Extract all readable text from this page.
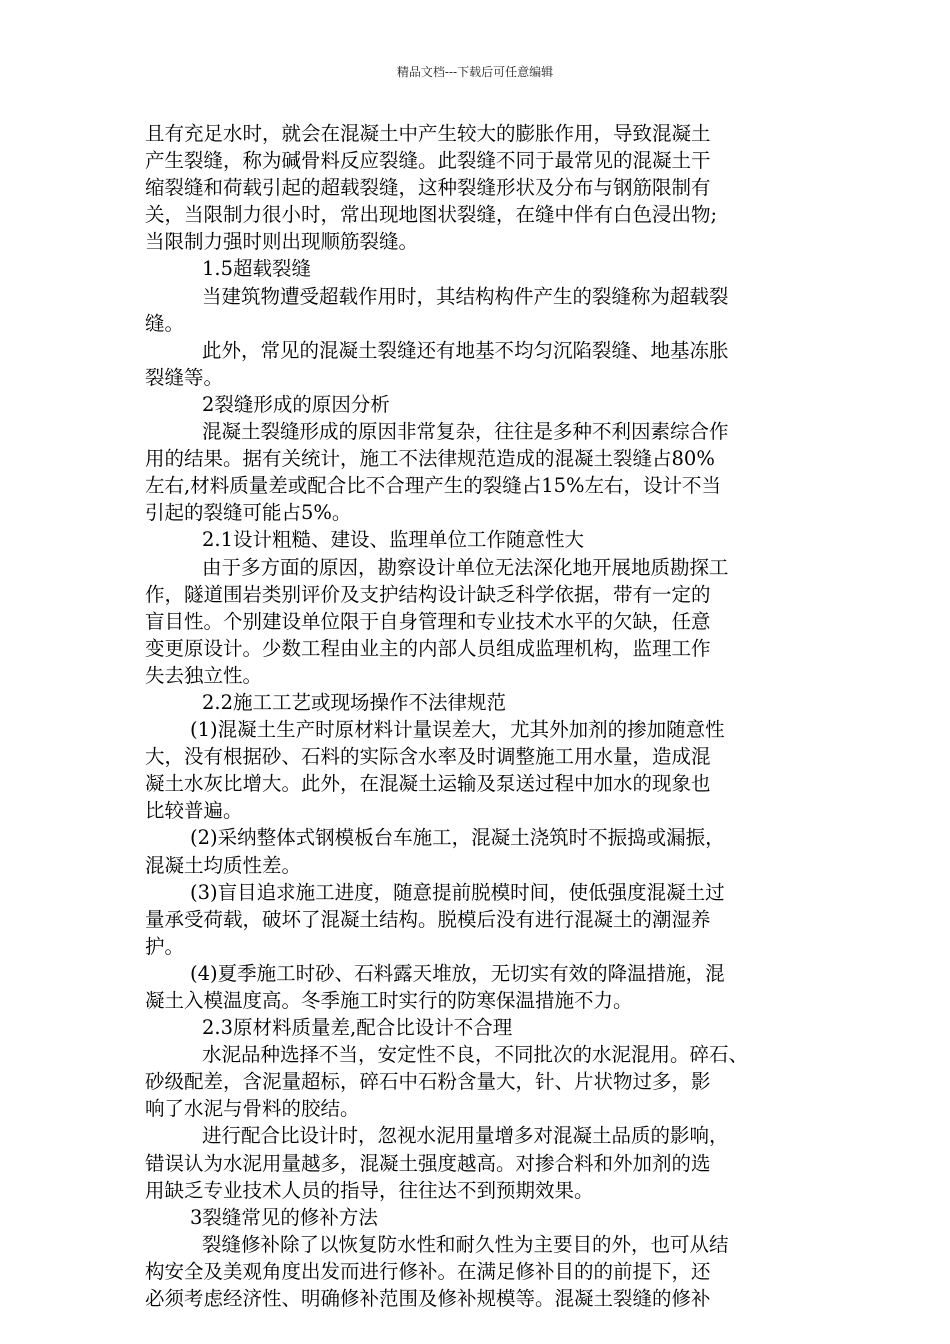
精品文档---下载后可任意编辑
且有充足水时，就会在混凝土中产生较大的膨胀作用，导致混凝土
产生裂缝，称为碱骨料反应裂缝。此裂缝不同于最常见的混凝土干
缩裂缝和荷载引起的超载裂缝，这种裂缝形状及分布与钢筋限制有
关，当限制力很小时，常出现地图状裂缝，在缝中伴有白色浸出物;
当限制力强时则出现顺筋裂缝。
1.5超载裂缝
当建筑物遭受超载作用时，其结构构件产生的裂缝称为超载裂
缝。
此外，常见的混凝土裂缝还有地基不均匀沉陷裂缝、地基冻胀
裂缝等。
2裂缝形成的原因分析
混凝土裂缝形成的原因非常复杂，往往是多种不利因素综合作
用的结果。据有关统计，施工不法律规范造成的混凝土裂缝占80%
左右,材料质量差或配合比不合理产生的裂缝占15%左右，设计不当
引起的裂缝可能占5%。
2.1设计粗糙、建设、监理单位工作随意性大
由于多方面的原因，勘察设计单位无法深化地开展地质勘探工
作，隧道围岩类别评价及支护结构设计缺乏科学依据，带有一定的
盲目性。个别建设单位限于自身管理和专业技术水平的欠缺，任意
变更原设计。少数工程由业主的内部人员组成监理机构，监理工作
失去独立性。
2.2施工工艺或现场操作不法律规范
(1)混凝土生产时原材料计量误差大，尤其外加剂的掺加随意性
大，没有根据砂、石料的实际含水率及时调整施工用水量，造成混
凝土水灰比增大。此外，在混凝土运输及泵送过程中加水的现象也
比较普遍。
(2)采纳整体式钢模板台车施工，混凝土浇筑时不振捣或漏振，
混凝土均质性差。
(3)盲目追求施工进度，随意提前脱模时间，使低强度混凝土过
量承受荷载，破坏了混凝土结构。脱模后没有进行混凝土的潮湿养
护。
(4)夏季施工时砂、石料露天堆放，无切实有效的降温措施，混
凝土入模温度高。冬季施工时实行的防寒保温措施不力。
2.3原材料质量差,配合比设计不合理
水泥品种选择不当，安定性不良，不同批次的水泥混用。碎石、
砂级配差，含泥量超标，碎石中石粉含量大，针、片状物过多，影
响了水泥与骨料的胶结。
进行配合比设计时，忽视水泥用量增多对混凝土品质的影响，
错误认为水泥用量越多，混凝土强度越高。对掺合料和外加剂的选
用缺乏专业技术人员的指导，往往达不到预期效果。
3裂缝常见的修补方法
裂缝修补除了以恢复防水性和耐久性为主要目的外，也可从结
构安全及美观角度出发而进行修补。在满足修补目的的前提下，还
必须考虑经济性、明确修补范围及修补规模等。混凝土裂缝的修补
